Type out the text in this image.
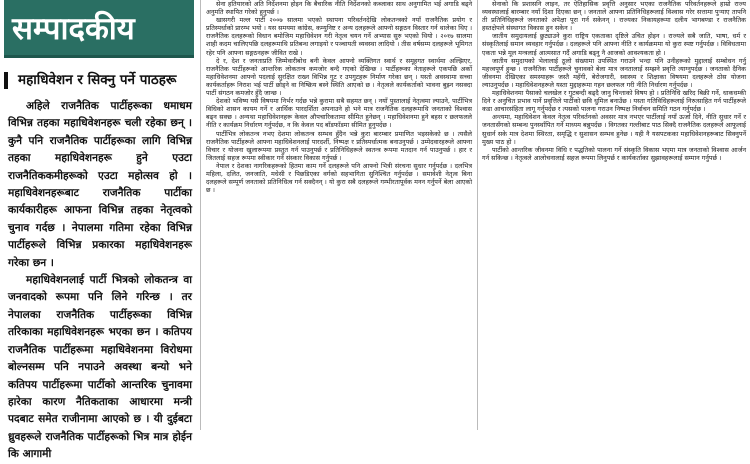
सम्पादकीय
महाधिवेशन र सिक्नु पर्ने पाठहरू

अहिले राजनैतिक पार्टीहरूका धमाधम विभिन्न तहका महाधिवेशनहरू चली रहेका छन् । कुनै पनि राजनैतिक पार्टीहरूका लागि विभिन्न तहका महाधिवेशनहरू हुने एउटा राजनैतिककमीहरूको एउटा महोत्सव हो । महाधिवेशनहरूबाट राजनैतिक पार्टीका कार्यकारीहरू आफना विभिन्न तहका नेतृत्वको चुनाव गर्दछ । नेपालमा गतिमा रहेका विभिन्न पार्टीहरूले विभिन्न प्रकारका महाधिवेशनहरू गरेका छन ।

महाधिवेशनलाई पार्टी भित्रको लोकतन्त्र वा जनवादको रूपमा पनि लिने गरिन्छ । तर नेपालका राजनैतिक पार्टीहरूका विभिन्न तरिकाका महाधिवेशनहरू भएका छन । कतिपय राजनैतिक पार्टीहरूमा महाधिवेशनमा विरोधमा बोल्नसम्म पनि नपाउने अवस्था बन्यो भने कतिपय पार्टीहरूमा पार्टीको आन्तरिक चुनावमा हारेका कारण नैतिकताका आधारमा मन्त्री पदबाट समेत राजीनामा आएको छ । यी दुईबटा ध्रुवहरूले राजनैतिक पार्टीहरूको भित्र मात्र होईन कि आगामी

सेना हतियारको अति निर्देशनमा होइन कि बैचारिक नीति निर्देशनको कब्जाका साथ अनुगामित भई अगाडि बढ्ने अनुमति स्थापित गरेको हुनुपर्छ ।

खासगरी मल्ल पार्टी २००७ सालमा भएको स्थापना परिवर्तनदेखि लोकतन्त्रको नयाँ राजनैतिक प्रयोग र प्रतिस्पर्धाको प्रारम्भ भयो । यस समयमा कांग्रेस, कम्युनिष्ट र अन्य दलहरूले आफ्नो सङ्गठन विस्तार गर्न थालेका थिए । राजनैतिक दलहरूको विधान बमोजिम महाधिवेशन गरी नेतृत्व चयन गर्ने अभ्यास सुरु भएको थियो । २०१७ सालमा शाही कदम चालिएपछि दलहरूमाथि प्रतिबन्ध लगाइयो र पञ्चायती व्यवस्था लादियो । तीस वर्षसम्म दलहरूले भूमिगत रहेर पनि आफ्ना सङ्गठनहरू जीवित राखे ।

दे र, देश र जनताप्रति जिम्मेवारीबोध बनी केवल आफ्नो व्यक्तिगत स्वार्थ र समूहगत स्वार्थमा अल्झिएर, राजनैतिक पार्टीहरूको आन्तरिक लोकतन्त्र कमजोर बन्दै गएको देखिन्छ । पार्टीहरूका नेताहरूले एकपछि अर्को महाधिवेशनमा आफ्नो पदलाई सुरक्षित राख्न विभिन्न गुट र उपगुटहरू निर्माण गरेका छन् । यस्तो अवस्थामा सच्चा कार्यकर्ताहरू निराश भई पार्टी छोड्ने वा निष्क्रिय बस्ने स्थिति आएको छ । नेतृत्वले कार्यकर्ताको भावना बुझ्न नसक्दा पार्टी संगठन कमजोर हुँदै जान्छ ।

देशको भविष्य यसै विषयमा निर्भर गर्दछ भन्ने कुरामा सबै सहमत छन् । नयाँ पुस्तालाई नेतृत्वमा ल्याउने, पार्टीभित्र विधिको शासन कायम गर्ने र आर्थिक पारदर्शिता अपनाउने हो भने मात्र राजनैतिक दलहरूमाथि जनताको विश्वास बढ्न सक्छ । अन्यथा महाधिवेशनहरू केवल औपचारिकतामा सीमित हुनेछन् । महाधिवेशनमा हुने बहस र छलफलले नीति र कार्यक्रम निर्धारण गर्नुपर्दछ, न कि केवल पद बाँडफाँडमा सीमित हुनुपर्दछ ।

पार्टीभित्र लोकतन्त्र नभए देशमा लोकतन्त्र सम्भव हुँदैन भन्ने कुरा बारम्बार प्रमाणित भइसकेको छ । त्यसैले राजनैतिक पार्टीहरूले आफ्ना महाधिवेशनलाई पारदर्शी, निष्पक्ष र प्रतिस्पर्धात्मक बनाउनुपर्छ । उम्मेदवारहरूले आफ्ना विचार र योजना खुलारूपमा प्रस्तुत गर्न पाउनुपर्छ र प्रतिनिधिहरूले स्वतन्त्र रूपमा मतदान गर्न पाउनुपर्छ । हार र जितलाई सहज रूपमा स्वीकार गर्ने संस्कार विकास गर्नुपर्छ ।

नेपाल र देशका नागरिकहरूको हितमा काम गर्ने दलहरूले पनि आफ्नो भित्री संरचना सुधार गर्नुपर्दछ । दलभित्र महिला, दलित, जनजाति, मधेसी र पिछडिएका वर्गको सहभागिता सुनिश्चित गर्नुपर्दछ । समावेशी नेतृत्व बिना दलहरूले सम्पूर्ण जनताको प्रतिनिधित्व गर्न सक्दैनन् । यो कुरा सबै दलहरूले गम्भीरतापूर्वक मनन गर्नुपर्ने बेला आएको छ ।

सेनाको कि प्रशासनि लाइन, तर ऐतिहासिक प्रवृत्ति अनुसार भएका राजनैतिक परिवर्तनहरूले हाम्रो राज्य व्यवस्थालाई बारम्बार नयाँ दिशा दिएका छन् । जनताले आफ्ना प्रतिनिधिहरूलाई विश्वास गरेर सत्तामा पुर्‍याए तापनि ती प्रतिनिधिहरूले जनताको अपेक्षा पूरा गर्न सकेनन् । राज्यका निकायहरूमा दलीय भागबण्डा र राजनैतिक हस्तक्षेपले संस्थागत विकास हुन सकेन ।

जातीय समुदायलाई छुट्याउने कुरा राष्ट्रिय एकताका दृष्टिले उचित होइन । राज्यले सबै जाति, भाषा, धर्म र संस्कृतिलाई समान व्यवहार गर्नुपर्दछ । दलहरूले पनि आफ्ना नीति र कार्यक्रममा यो कुरा स्पष्ट गर्नुपर्दछ । विविधतामा एकता भन्ने मूल मन्त्रलाई आत्मसात गर्दै अगाडि बढ्नु नै आजको आवश्यकता हो ।

जातीय समुदायको भेलालाई ठूलो संख्यामा उपस्थित गराउने भन्दा पनि उनीहरूको मुद्दालाई सम्बोधन गर्नु महत्त्वपूर्ण हुन्छ । राजनैतिक पार्टीहरूले चुनावको बेला मात्र जनतालाई सम्झने प्रवृत्ति त्याग्नुपर्दछ । जनताको दैनिक जीवनमा देखिएका समस्याहरू जस्तै महँगी, बेरोजगारी, स्वास्थ्य र शिक्षाका विषयमा दलहरूले ठोस योजना ल्याउनुपर्दछ । महाधिवेशनहरूले यस्ता मुद्दाहरूमा गहन छलफल गरी नीति निर्धारण गर्नुपर्दछ ।

महाधिवेशनमा पैसाको चलखेल र गुटबन्दी बढ्दै जानु चिन्ताको विषय हो । प्रतिनिधि खरिद बिक्री गर्ने, धाकधम्की दिने र अनुचित प्रभाव पार्ने प्रवृत्तिले पार्टीको छवि धुमिल बनाउँछ । यस्ता गतिविधिहरूलाई निरुत्साहित गर्न पार्टीहरूले कडा आचारसंहिता लागू गर्नुपर्दछ र त्यसको पालना गराउन निष्पक्ष निर्वाचन समिति गठन गर्नुपर्दछ ।

अन्त्यमा, महाधिवेशन केवल नेतृत्व परिवर्तनको अवसर मात्र नभएर पार्टीलाई नयाँ ऊर्जा दिने, नीति सुधार गर्ने र जनतासँगको सम्बन्ध पुनर्स्थापित गर्ने माध्यम बन्नुपर्दछ । विगतका गल्तीबाट पाठ सिक्दै राजनैतिक दलहरूले आफूलाई सुधार्न सके मात्र देशमा स्थिरता, समृद्धि र सुशासन सम्भव हुनेछ । यही नै यसपटकका महाधिवेशनहरूबाट सिक्नुपर्ने मुख्य पाठ हो ।

पार्टीको आन्तरिक जीवनमा विधि र पद्धतिको पालना गर्ने संस्कृति विकास भएमा मात्र जनताको विश्वास आर्जन गर्न सकिन्छ । नेतृत्वले आलोचनालाई सहज रूपमा लिनुपर्छ र कार्यकर्ताका सुझावहरूलाई सम्मान गर्नुपर्छ ।
